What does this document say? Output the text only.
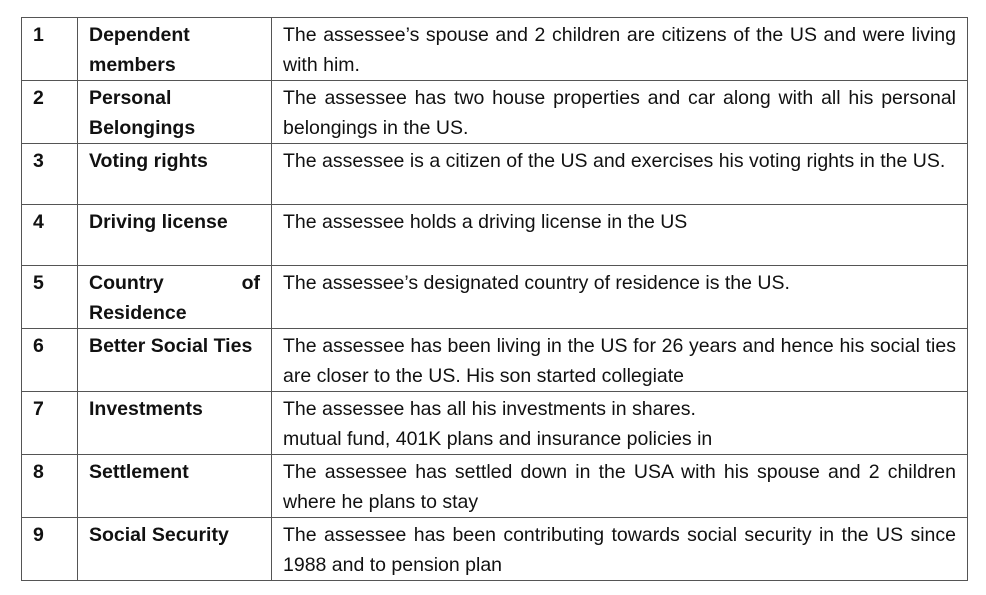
1	Dependent members	The assessee’s spouse and 2 children are citizens of the US and were living with him.

2	Personal Belongings	The assessee has two house properties and car along with all his personal belongings in the US.

3	Voting rights	The assessee is a citizen of the US and exercises his voting rights in the US.

4	Driving license	The assessee holds a driving license in the US

5	Country of Residence	The assessee’s designated country of residence is the US.

6	Better Social Ties	The assessee has been living in the US for 26 years and hence his social ties are closer to the US. His son started collegiate

7	Investments	The assessee has all his investments in shares.
mutual fund, 401K plans and insurance policies in

8	Settlement	The assessee has settled down in the USA with his spouse and 2 children where he plans to stay

9	Social Security	The assessee has been contributing towards social security in the US since 1988 and to pension plan
